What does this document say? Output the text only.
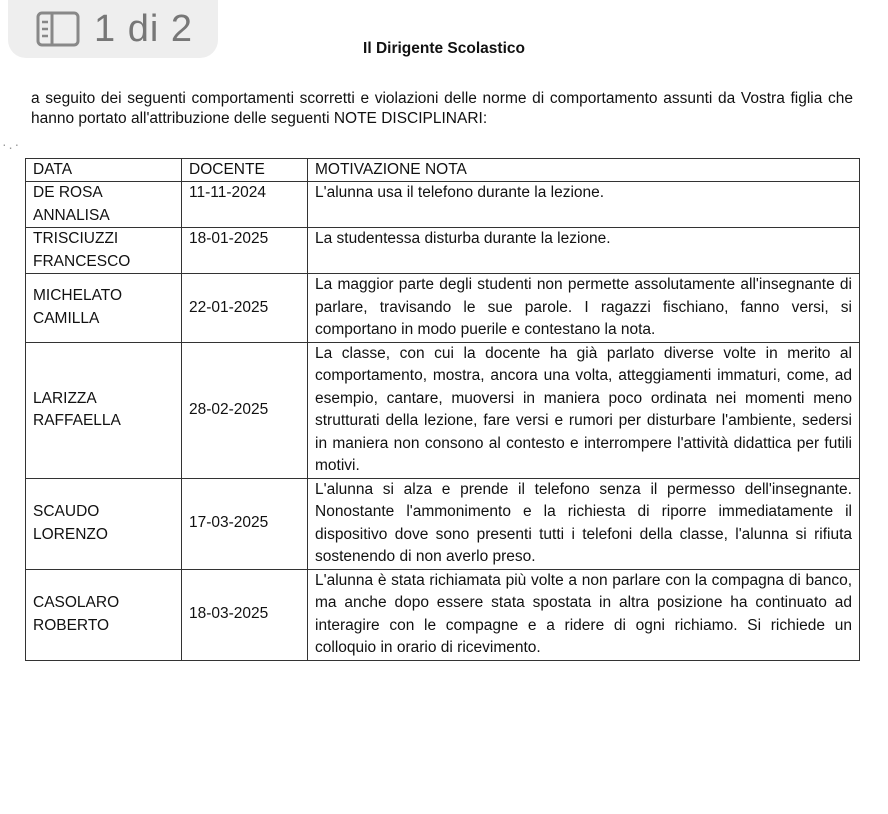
1 di 2	Il Dirigente Scolastico
a seguito dei seguenti comportamenti scorretti e violazioni delle norme di comportamento assunti da Vostra figlia che hanno portato all'attribuzione delle seguenti NOTE DISCIPLINARI:
·.·
DATA	DOCENTE	MOTIVAZIONE NOTA
DE ROSA ANNALISA	11-11-2024	L'alunna usa il telefono durante la lezione.
TRISCIUZZI FRANCESCO	18-01-2025	La studentessa disturba durante la lezione.
MICHELATO CAMILLA	22-01-2025	La maggior parte degli studenti non permette assolutamente all'insegnante di parlare, travisando le sue parole. I ragazzi fischiano, fanno versi, si comportano in modo puerile e contestano la nota.
LARIZZA RAFFAELLA	28-02-2025	La classe, con cui la docente ha già parlato diverse volte in merito al comportamento, mostra, ancora una volta, atteggiamenti immaturi, come, ad esempio, cantare, muoversi in maniera poco ordinata nei momenti meno strutturati della lezione, fare versi e rumori per disturbare l'ambiente, sedersi in maniera non consono al contesto e interrompere l'attività didattica per futili motivi.
SCAUDO LORENZO	17-03-2025	L'alunna si alza e prende il telefono senza il permesso dell'insegnante. Nonostante l'ammonimento e la richiesta di riporre immediatamente il dispositivo dove sono presenti tutti i telefoni della classe, l'alunna si rifiuta sostenendo di non averlo preso.
CASOLARO ROBERTO	18-03-2025	L'alunna è stata richiamata più volte a non parlare con la compagna di banco, ma anche dopo essere stata spostata in altra posizione ha continuato ad interagire con le compagne e a ridere di ogni richiamo. Si richiede un colloquio in orario di ricevimento.
